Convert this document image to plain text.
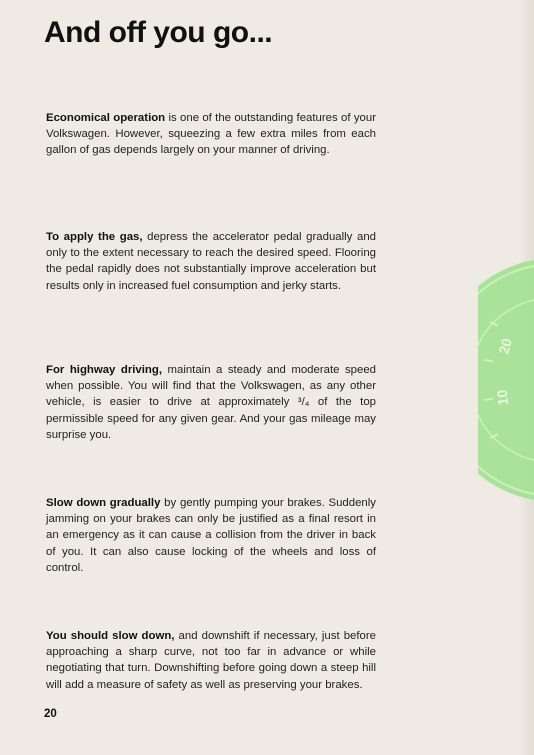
And off you go...

Economical operation is one of the outstanding features of your Volkswagen. However, squeezing a few extra miles from each gallon of gas depends largely on your manner of driving.

To apply the gas, depress the accelerator pedal gradually and only to the extent necessary to reach the desired speed. Flooring the pedal rapidly does not substantially improve acceleration but results only in increased fuel consumption and jerky starts.

For highway driving, maintain a steady and moderate speed when possible. You will find that the Volkswagen, as any other vehicle, is easier to drive at approximately ³/₄ of the top permissible speed for any given gear. And your gas mileage may surprise you.

Slow down gradually by gently pumping your brakes. Suddenly jamming on your brakes can only be justified as a final resort in an emergency as it can cause a collision from the driver in back of you. It can also cause locking of the wheels and loss of control.

You should slow down, and downshift if necessary, just before approaching a sharp curve, not too far in advance or while negotiating that turn. Downshifting before going down a steep hill will add a measure of safety as well as preserving your brakes.

20
20
10
